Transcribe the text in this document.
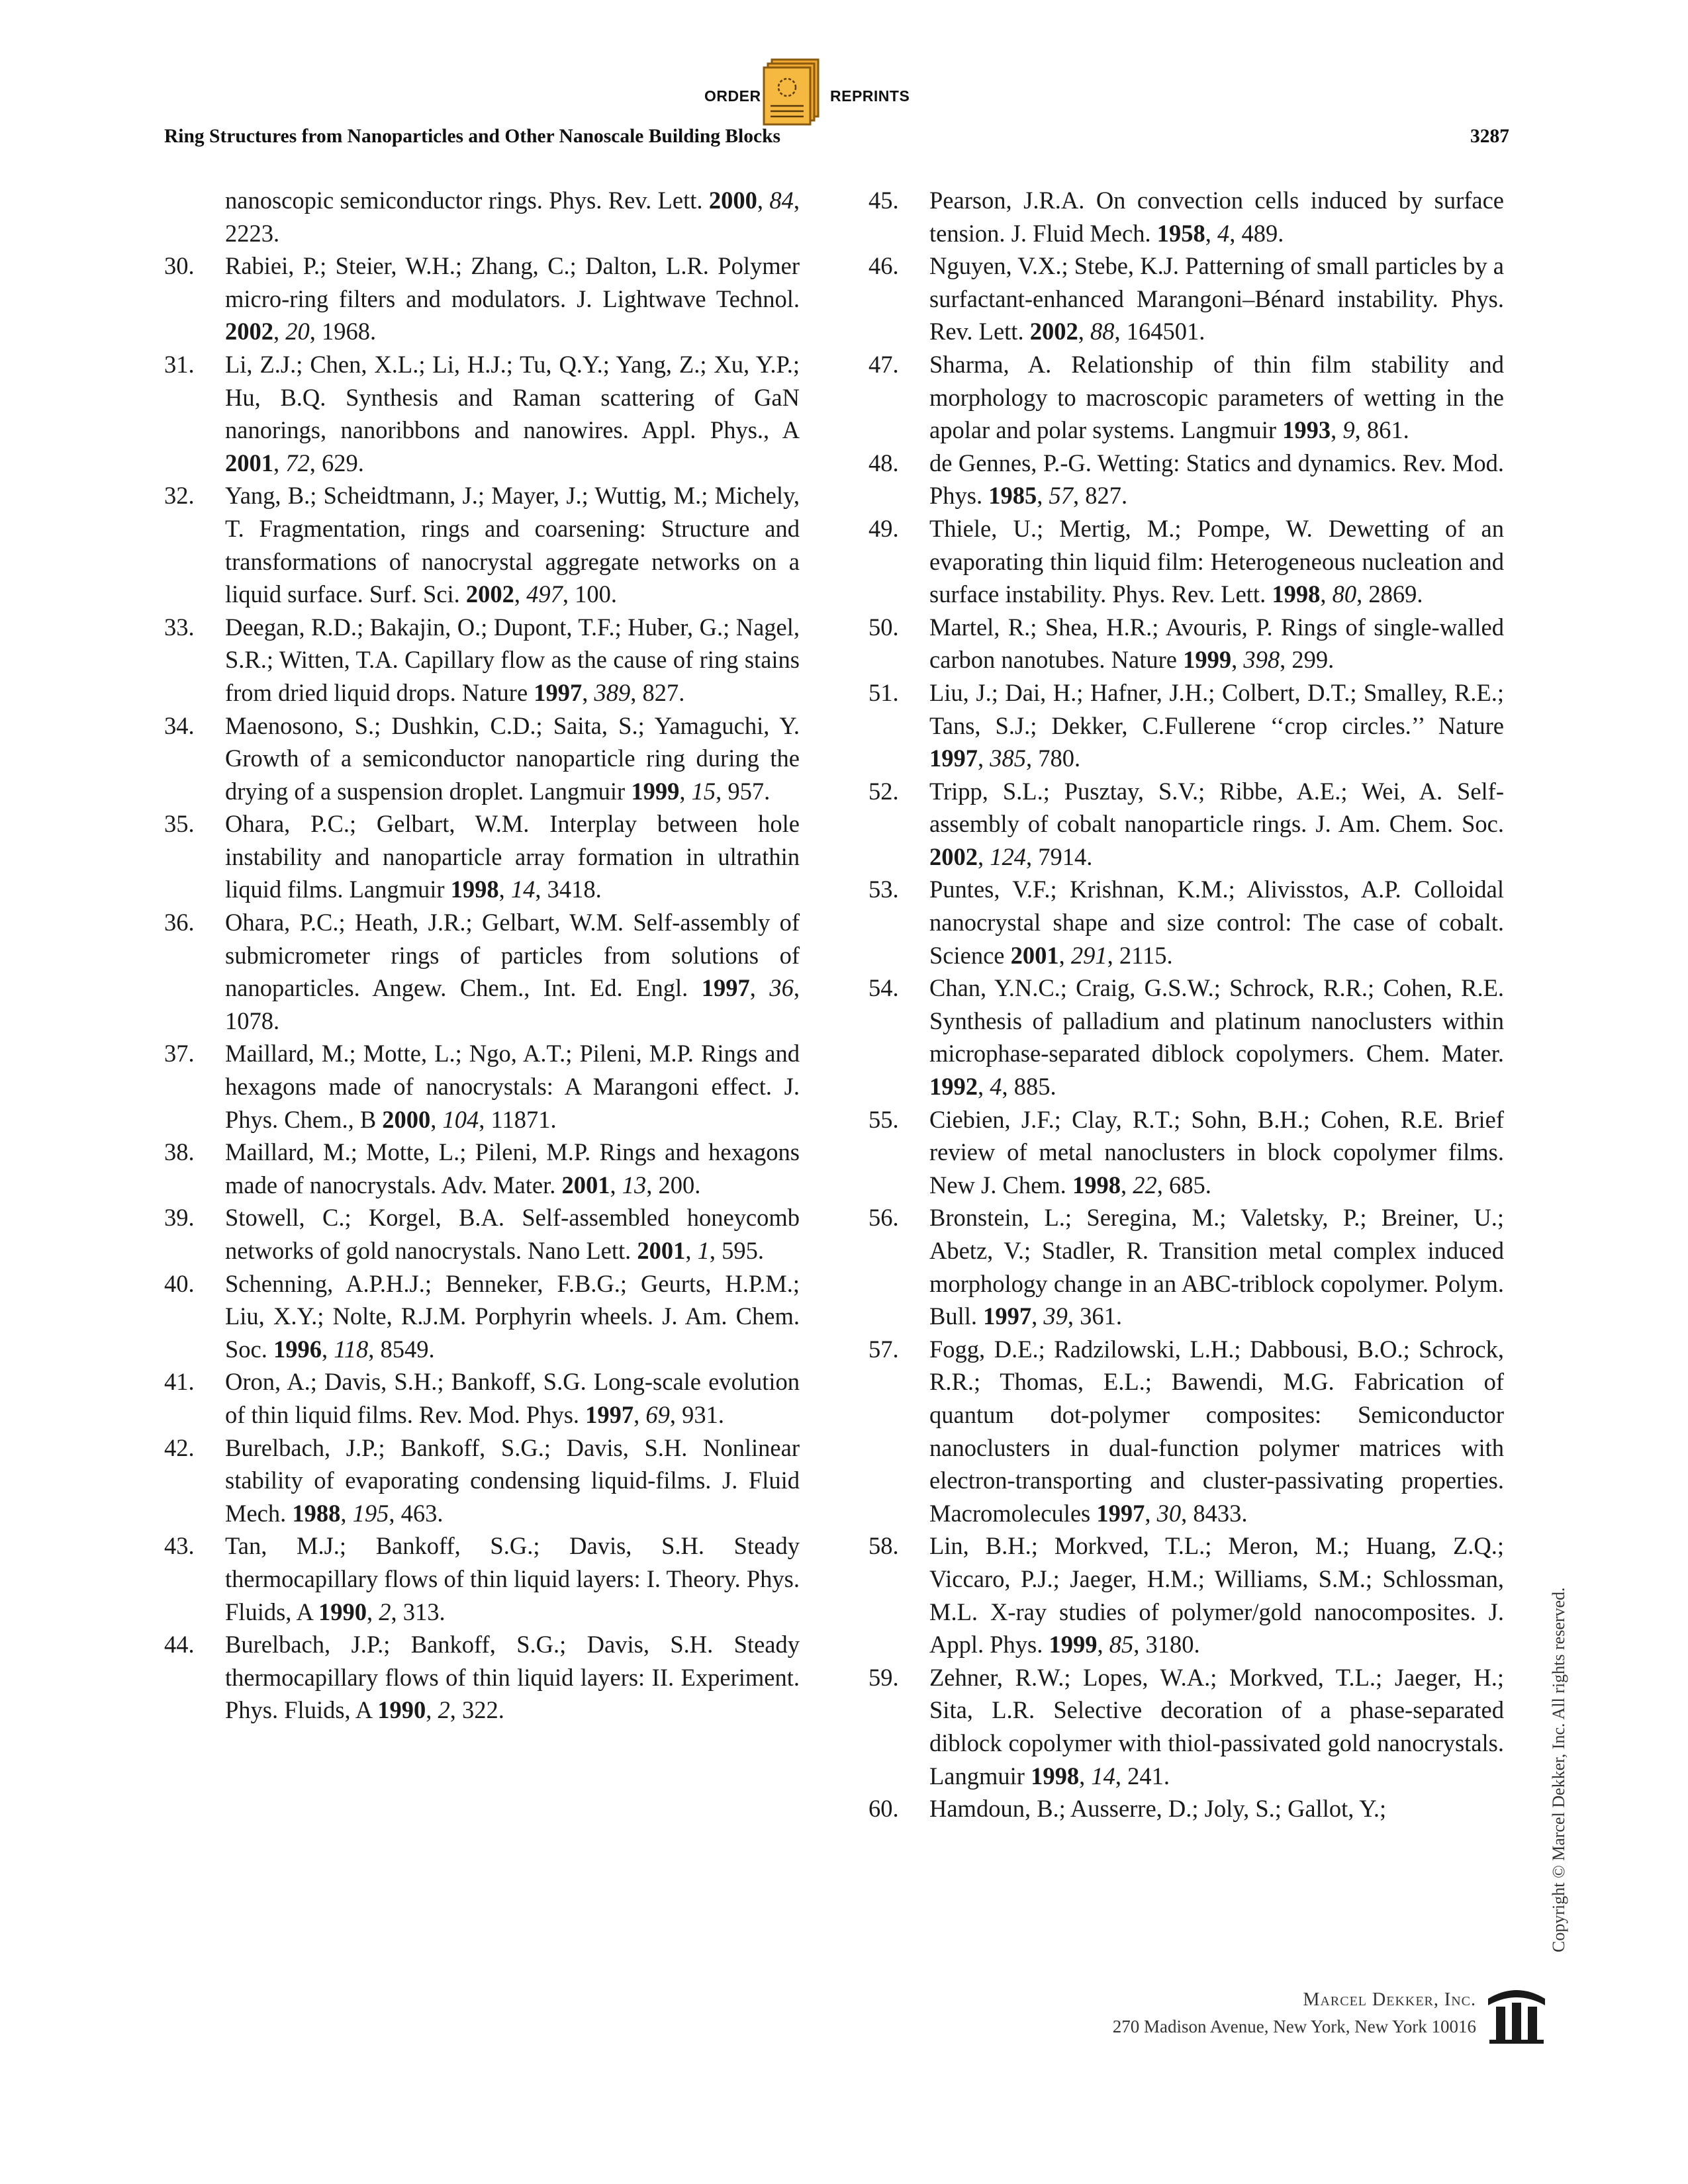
ORDER	REPRINTS
Ring Structures from Nanoparticles and Other Nanoscale Building Blocks	3287
nanoscopic semiconductor rings. Phys. Rev. Lett. 2000, 84, 2223.
30. Rabiei, P.; Steier, W.H.; Zhang, C.; Dalton, L.R. Polymer micro-ring filters and modulators. J. Lightwave Technol. 2002, 20, 1968.
31. Li, Z.J.; Chen, X.L.; Li, H.J.; Tu, Q.Y.; Yang, Z.; Xu, Y.P.; Hu, B.Q. Synthesis and Raman scattering of GaN nanorings, nanoribbons and nanowires. Appl. Phys., A 2001, 72, 629.
32. Yang, B.; Scheidtmann, J.; Mayer, J.; Wuttig, M.; Michely, T. Fragmentation, rings and coarsening: Structure and transformations of nanocrystal aggregate networks on a liquid surface. Surf. Sci. 2002, 497, 100.
33. Deegan, R.D.; Bakajin, O.; Dupont, T.F.; Huber, G.; Nagel, S.R.; Witten, T.A. Capillary flow as the cause of ring stains from dried liquid drops. Nature 1997, 389, 827.
34. Maenosono, S.; Dushkin, C.D.; Saita, S.; Yamaguchi, Y. Growth of a semiconductor nanoparticle ring during the drying of a suspension droplet. Langmuir 1999, 15, 957.
35. Ohara, P.C.; Gelbart, W.M. Interplay between hole instability and nanoparticle array formation in ultrathin liquid films. Langmuir 1998, 14, 3418.
36. Ohara, P.C.; Heath, J.R.; Gelbart, W.M. Self-assembly of submicrometer rings of particles from solutions of nanoparticles. Angew. Chem., Int. Ed. Engl. 1997, 36, 1078.
37. Maillard, M.; Motte, L.; Ngo, A.T.; Pileni, M.P. Rings and hexagons made of nanocrystals: A Marangoni effect. J. Phys. Chem., B 2000, 104, 11871.
38. Maillard, M.; Motte, L.; Pileni, M.P. Rings and hexagons made of nanocrystals. Adv. Mater. 2001, 13, 200.
39. Stowell, C.; Korgel, B.A. Self-assembled honeycomb networks of gold nanocrystals. Nano Lett. 2001, 1, 595.
40. Schenning, A.P.H.J.; Benneker, F.B.G.; Geurts, H.P.M.; Liu, X.Y.; Nolte, R.J.M. Porphyrin wheels. J. Am. Chem. Soc. 1996, 118, 8549.
41. Oron, A.; Davis, S.H.; Bankoff, S.G. Long-scale evolution of thin liquid films. Rev. Mod. Phys. 1997, 69, 931.
42. Burelbach, J.P.; Bankoff, S.G.; Davis, S.H. Nonlinear stability of evaporating condensing liquid-films. J. Fluid Mech. 1988, 195, 463.
43. Tan, M.J.; Bankoff, S.G.; Davis, S.H. Steady thermocapillary flows of thin liquid layers: I. Theory. Phys. Fluids, A 1990, 2, 313.
44. Burelbach, J.P.; Bankoff, S.G.; Davis, S.H. Steady thermocapillary flows of thin liquid layers: II. Experiment. Phys. Fluids, A 1990, 2, 322.
45. Pearson, J.R.A. On convection cells induced by surface tension. J. Fluid Mech. 1958, 4, 489.
46. Nguyen, V.X.; Stebe, K.J. Patterning of small particles by a surfactant-enhanced Marangoni–Bénard instability. Phys. Rev. Lett. 2002, 88, 164501.
47. Sharma, A. Relationship of thin film stability and morphology to macroscopic parameters of wetting in the apolar and polar systems. Langmuir 1993, 9, 861.
48. de Gennes, P.-G. Wetting: Statics and dynamics. Rev. Mod. Phys. 1985, 57, 827.
49. Thiele, U.; Mertig, M.; Pompe, W. Dewetting of an evaporating thin liquid film: Heterogeneous nucleation and surface instability. Phys. Rev. Lett. 1998, 80, 2869.
50. Martel, R.; Shea, H.R.; Avouris, P. Rings of single-walled carbon nanotubes. Nature 1999, 398, 299.
51. Liu, J.; Dai, H.; Hafner, J.H.; Colbert, D.T.; Smalley, R.E.; Tans, S.J.; Dekker, C.Fullerene ‘‘crop circles.’’ Nature 1997, 385, 780.
52. Tripp, S.L.; Pusztay, S.V.; Ribbe, A.E.; Wei, A. Self-assembly of cobalt nanoparticle rings. J. Am. Chem. Soc. 2002, 124, 7914.
53. Puntes, V.F.; Krishnan, K.M.; Alivisstos, A.P. Colloidal nanocrystal shape and size control: The case of cobalt. Science 2001, 291, 2115.
54. Chan, Y.N.C.; Craig, G.S.W.; Schrock, R.R.; Cohen, R.E. Synthesis of palladium and platinum nanoclusters within microphase-separated diblock copolymers. Chem. Mater. 1992, 4, 885.
55. Ciebien, J.F.; Clay, R.T.; Sohn, B.H.; Cohen, R.E. Brief review of metal nanoclusters in block copolymer films. New J. Chem. 1998, 22, 685.
56. Bronstein, L.; Seregina, M.; Valetsky, P.; Breiner, U.; Abetz, V.; Stadler, R. Transition metal complex induced morphology change in an ABC-triblock copolymer. Polym. Bull. 1997, 39, 361.
57. Fogg, D.E.; Radzilowski, L.H.; Dabbousi, B.O.; Schrock, R.R.; Thomas, E.L.; Bawendi, M.G. Fabrication of quantum dot-polymer composites: Semiconductor nanoclusters in dual-function polymer matrices with electron-transporting and cluster-passivating properties. Macromolecules 1997, 30, 8433.
58. Lin, B.H.; Morkved, T.L.; Meron, M.; Huang, Z.Q.; Viccaro, P.J.; Jaeger, H.M.; Williams, S.M.; Schlossman, M.L. X-ray studies of polymer/gold nanocomposites. J. Appl. Phys. 1999, 85, 3180.
59. Zehner, R.W.; Lopes, W.A.; Morkved, T.L.; Jaeger, H.; Sita, L.R. Selective decoration of a phase-separated diblock copolymer with thiol-passivated gold nanocrystals. Langmuir 1998, 14, 241.
60. Hamdoun, B.; Ausserre, D.; Joly, S.; Gallot, Y.;	Copyright © Marcel Dekker, Inc. All rights reserved.
Marcel Dekker, Inc.
270 Madison Avenue, New York, New York 10016
